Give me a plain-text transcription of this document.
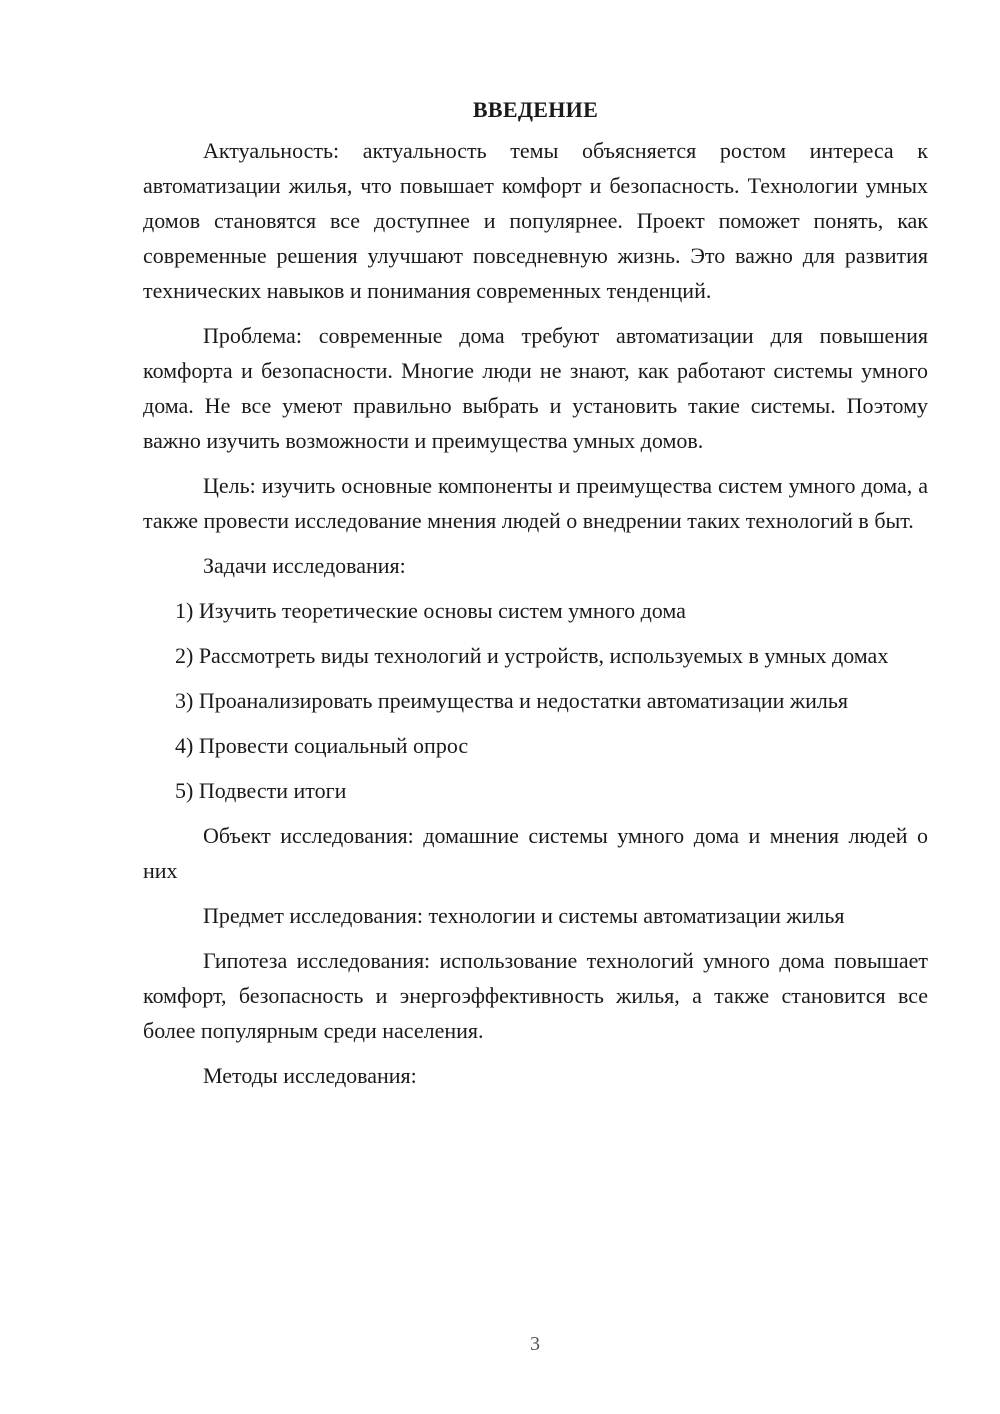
ВВЕДЕНИЕ

Актуальность: актуальность темы объясняется ростом интереса к автоматизации жилья, что повышает комфорт и безопасность. Технологии умных домов становятся все доступнее и популярнее. Проект поможет понять, как современные решения улучшают повседневную жизнь. Это важно для развития технических навыков и понимания современных тенденций.

Проблема: современные дома требуют автоматизации для повышения комфорта и безопасности. Многие люди не знают, как работают системы умного дома. Не все умеют правильно выбрать и установить такие системы. Поэтому важно изучить возможности и преимущества умных домов.

Цель: изучить основные компоненты и преимущества систем умного дома, а также провести исследование мнения людей о внедрении таких технологий в быт.

Задачи исследования:

1) Изучить теоретические основы систем умного дома

2) Рассмотреть виды технологий и устройств, используемых в умных домах

3) Проанализировать преимущества и недостатки автоматизации жилья

4) Провести социальный опрос

5) Подвести итоги

Объект исследования: домашние системы умного дома и мнения людей о них

Предмет исследования: технологии и системы автоматизации жилья

Гипотеза исследования: использование технологий умного дома повышает комфорт, безопасность и энергоэффективность жилья, а также становится все более популярным среди населения.

Методы исследования:

3
